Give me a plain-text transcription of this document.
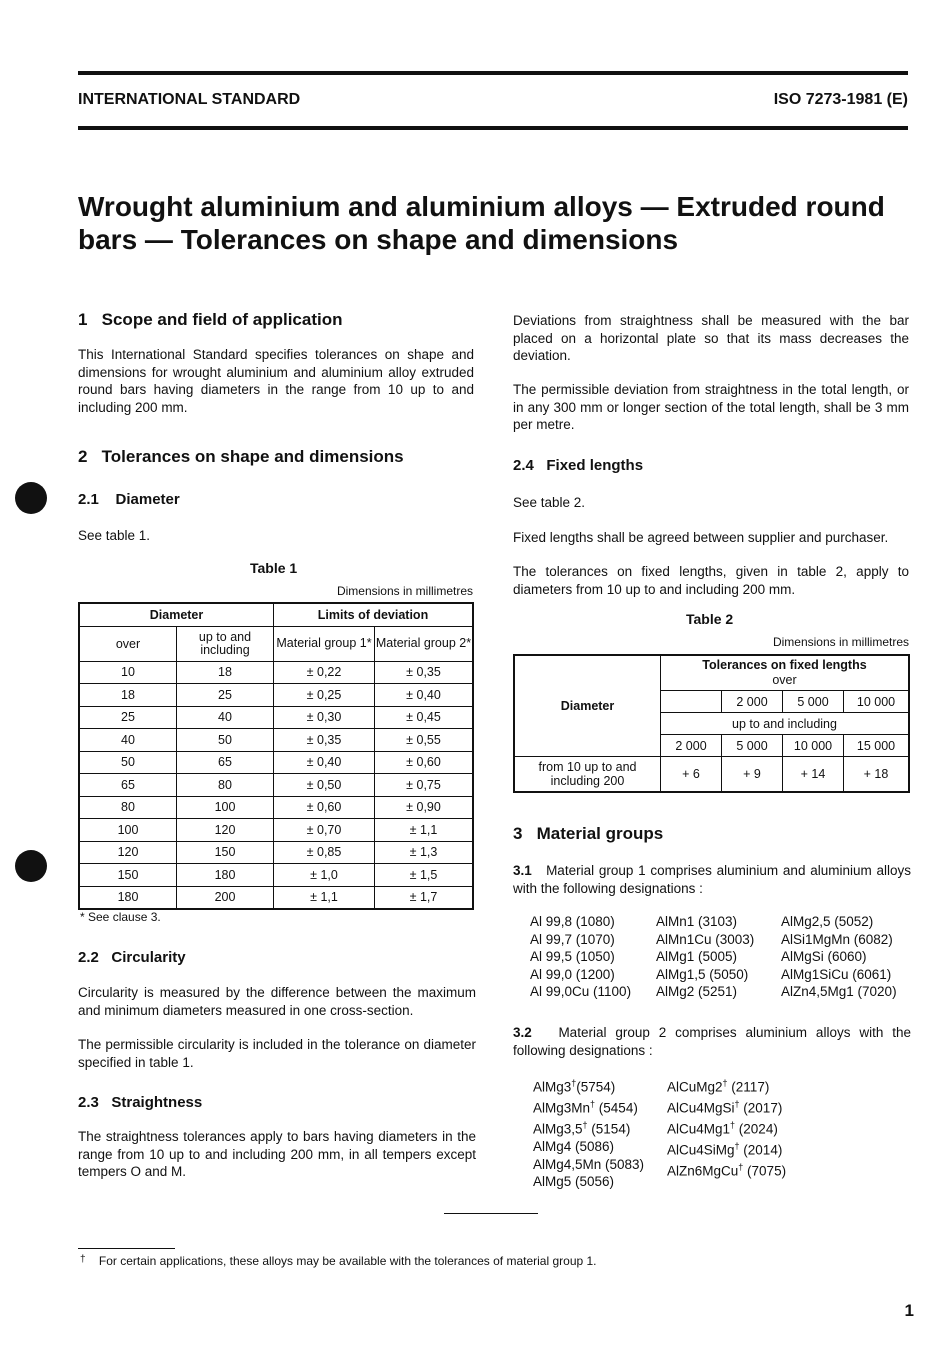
INTERNATIONAL STANDARD	ISO 7273-1981 (E)
Wrought aluminium and aluminium alloys — Extruded round bars — Tolerances on shape and dimensions
1 Scope and field of application
This International Standard specifies tolerances on shape and dimensions for wrought aluminium and aluminium alloy extruded round bars having diameters in the range from 10 up to and including 200 mm.
2 Tolerances on shape and dimensions
2.1 Diameter
See table 1.
Table 1
Dimensions in millimetres
Diameter		Limits of deviation	
over	up to and including	Material group 1*	Material group 2*
10	18	± 0,22	± 0,35
18	25	± 0,25	± 0,40
25	40	± 0,30	± 0,45
40	50	± 0,35	± 0,55
50	65	± 0,40	± 0,60
65	80	± 0,50	± 0,75
80	100	± 0,60	± 0,90
100	120	± 0,70	± 1,1
120	150	± 0,85	± 1,3
150	180	± 1,0	± 1,5
180	200	± 1,1	± 1,7
* See clause 3.
2.2 Circularity
Circularity is measured by the difference between the maximum and minimum diameters measured in one cross-section.
The permissible circularity is included in the tolerance on diameter specified in table 1.
2.3 Straightness
The straightness tolerances apply to bars having diameters in the range from 10 up to and including 200 mm, in all tempers except tempers O and M.
Deviations from straightness shall be measured with the bar placed on a horizontal plate so that its mass decreases the deviation.
The permissible deviation from straightness in the total length, or in any 300 mm or longer section of the total length, shall be 3 mm per metre.
2.4 Fixed lengths
See table 2.
Fixed lengths shall be agreed between supplier and purchaser.
The tolerances on fixed lengths, given in table 2, apply to diameters from 10 up to and including 200 mm.
Table 2
Dimensions in millimetres
Diameter	Tolerances on fixed lengths
over			
		2 000	5 000	10 000
	up to and including			
	2 000	5 000	10 000	15 000
from 10 up to and including 200	+ 6	+ 9	+ 14	+ 18
3 Material groups
3.1 Material group 1 comprises aluminium and aluminium alloys with the following designations :
Al 99,8 (1080)
Al 99,7 (1070)
Al 99,5 (1050)
Al 99,0 (1200)
Al 99,0Cu (1100)
AlMn1 (3103)
AlMn1Cu (3003)
AlMg1 (5005)
AlMg1,5 (5050)
AlMg2 (5251)
AlMg2,5 (5052)
AlSi1MgMn (6082)
AlMgSi (6060)
AlMg1SiCu (6061)
AlZn4,5Mg1 (7020)
3.2 Material group 2 comprises aluminium alloys with the following designations :
AlMg3†(5754)
AlMg3Mn† (5454)
AlMg3,5† (5154)
AlMg4 (5086)
AlMg4,5Mn (5083)
AlMg5 (5056)
AlCuMg2† (2117)
AlCu4MgSi† (2017)
AlCu4Mg1† (2024)
AlCu4SiMg† (2014)
AlZn6MgCu† (7075)
† For certain applications, these alloys may be available with the tolerances of material group 1.
1
